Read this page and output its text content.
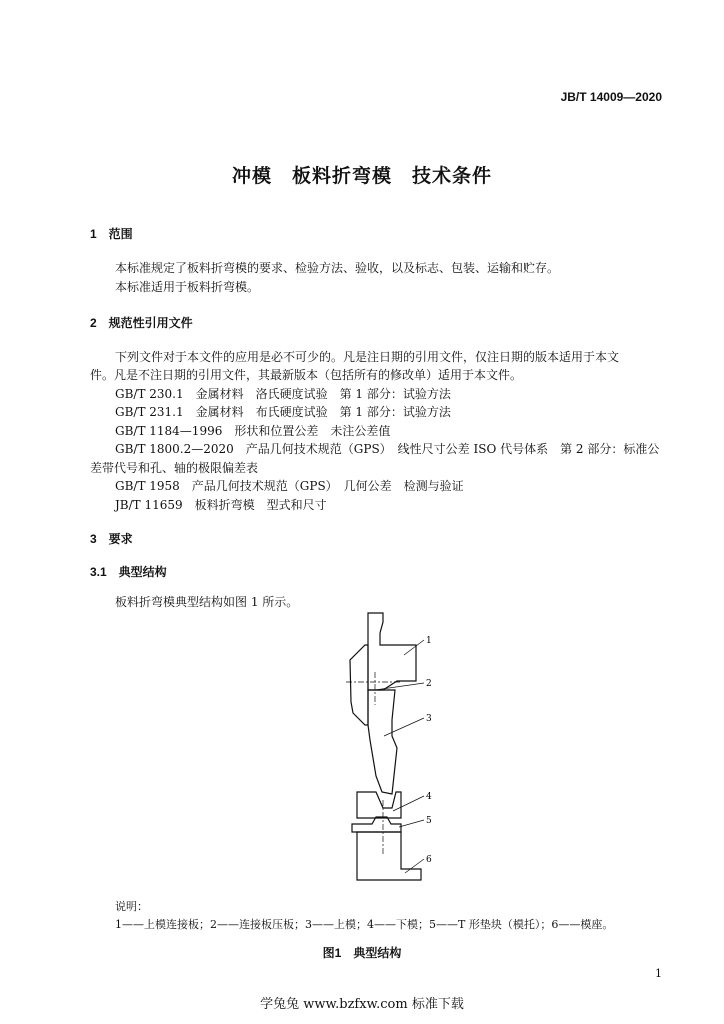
JB/T 14009—2020
冲模　板料折弯模　技术条件
1　范围
本标准规定了板料折弯模的要求、检验方法、验收，以及标志、包装、运输和贮存。
本标准适用于板料折弯模。
2　规范性引用文件
下列文件对于本文件的应用是必不可少的。凡是注日期的引用文件，仅注日期的版本适用于本文
件。凡是不注日期的引用文件，其最新版本（包括所有的修改单）适用于本文件。
GB/T 230.1　金属材料　洛氏硬度试验　第 1 部分：试验方法
GB/T 231.1　金属材料　布氏硬度试验　第 1 部分：试验方法
GB/T 1184—1996　形状和位置公差　未注公差值
GB/T 1800.2—2020　产品几何技术规范（GPS）　线性尺寸公差 ISO 代号体系　第 2 部分：标准公
差带代号和孔、轴的极限偏差表
GB/T 1958　产品几何技术规范（GPS）　几何公差　检测与验证
JB/T 11659　板料折弯模　型式和尺寸
3　要求
3.1　典型结构
板料折弯模典型结构如图 1 所示。
1
2
3
4
5
6
说明：
1——上模连接板；2——连接板压板；3——上模；4——下模；5——T 形垫块（模托）；6——模座。
图1　典型结构
1
学兔兔 www.bzfxw.com 标准下载
